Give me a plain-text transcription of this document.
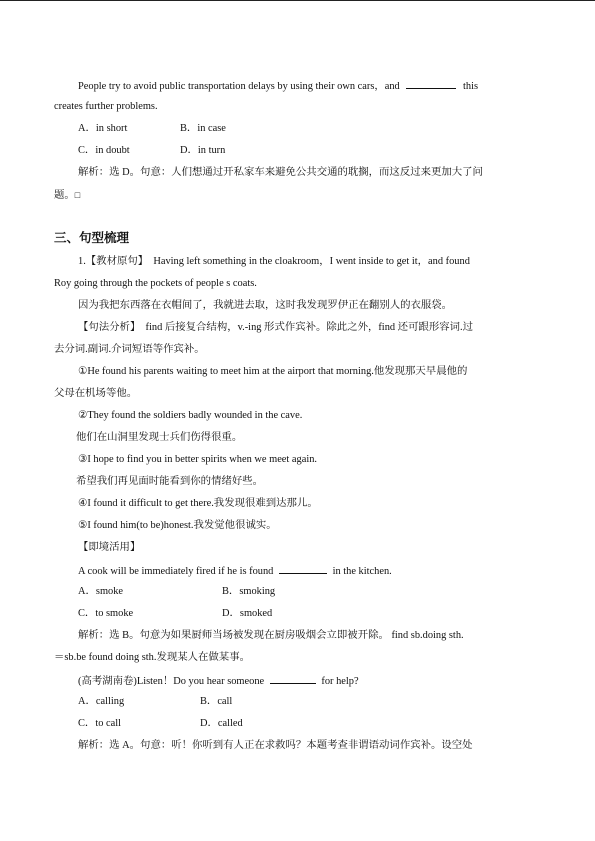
People try to avoid public transportation delays by using their own cars，and	this
creates further problems.
A．in short	B．in case
C．in doubt	D．in turn
解析：选 D。句意：人们想通过开私家车来避免公共交通的耽搁，而这反过来更加大了问
题。□
三、句型梳理
1.【教材原句】　Having left something in the cloakroom，I went inside to get it，and found
Roy going through the pockets of people s coats.
因为我把东西落在衣帽间了，我就进去取，这时我发现罗伊正在翻别人的衣服袋。
【句法分析】　find 后接复合结构，v.-ing 形式作宾补。除此之外，find 还可跟形容词.过
去分词.副词.介词短语等作宾补。
①He found his parents waiting to meet him at the airport that morning.他发现那天早晨他的
父母在机场等他。
②They found the soldiers badly wounded in the cave.
他们在山洞里发现士兵们伤得很重。
③I hope to find you in better spirits when we meet again.
希望我们再见面时能看到你的情绪好些。
④I found it difficult to get there.我发现很难到达那儿。
⑤I found him(to be)honest.我发觉他很诚实。
【即境活用】
A cook will be immediately fired if he is found	in the kitchen.
A．smoke	B．smoking
C．to smoke	D．smoked
解析：选 B。句意为如果厨师当场被发现在厨房吸烟会立即被开除。 find sb.doing sth.
＝sb.be found doing sth.发现某人在做某事。
(高考湖南卷)Listen！Do you hear someone	for help?
A．calling	B．call
C．to call	D．called
解析：选 A。句意：听！你听到有人正在求救吗？本题考查非谓语动词作宾补。设空处
